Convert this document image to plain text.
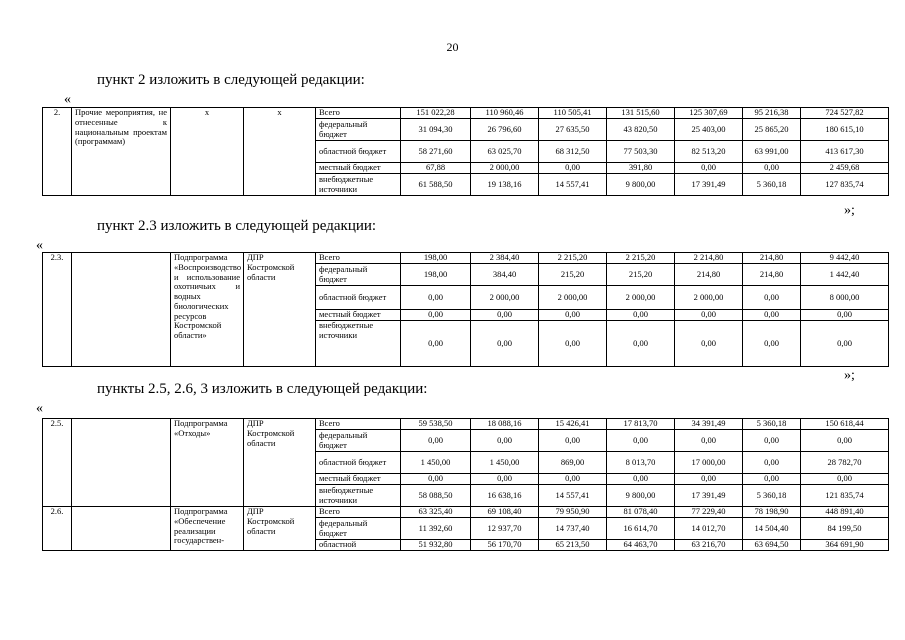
20
пункт 2 изложить в следующей редакции:
«
2.	Прочие мероприятия, не отнесенные к национальным проектам (программам)	х	х	Всего	151 022,28	110 960,46	110 505,41	131 515,60	125 307,69	95 216,38	724 527,82
				федеральный бюджет	31 094,30	26 796,60	27 635,50	43 820,50	25 403,00	25 865,20	180 615,10
				областной бюджет	58 271,60	63 025,70	68 312,50	77 503,30	82 513,20	63 991,00	413 617,30
				местный бюджет	67,88	2 000,00	0,00	391,80	0,00	0,00	2 459,68
				внебюджетные источники	61 588,50	19 138,16	14 557,41	9 800,00	17 391,49	5 360,18	127 835,74
»;
пункт 2.3 изложить в следующей редакции:
«
2.3.		Подпрограмма «Воспроизводство и использование охотничьих и водных биологических ресурсов Костромской области»	ДПР Костромской области	Всего	198,00	2 384,40	2 215,20	2 215,20	2 214,80	214,80	9 442,40
				федеральный бюджет	198,00	384,40	215,20	215,20	214,80	214,80	1 442,40
				областной бюджет	0,00	2 000,00	2 000,00	2 000,00	2 000,00	0,00	8 000,00
				местный бюджет	0,00	0,00	0,00	0,00	0,00	0,00	0,00
				внебюджетные источники	0,00	0,00	0,00	0,00	0,00	0,00	0,00
»;
пункты 2.5, 2.6, 3 изложить в следующей редакции:
«
2.5.		Подпрограмма «Отходы»	ДПР Костромской области	Всего	59 538,50	18 088,16	15 426,41	17 813,70	34 391,49	5 360,18	150 618,44
				федеральный бюджет	0,00	0,00	0,00	0,00	0,00	0,00	0,00
				областной бюджет	1 450,00	1 450,00	869,00	8 013,70	17 000,00	0,00	28 782,70
				местный бюджет	0,00	0,00	0,00	0,00	0,00	0,00	0,00
				внебюджетные источники	58 088,50	16 638,16	14 557,41	9 800,00	17 391,49	5 360,18	121 835,74
2.6.		Подпрограмма «Обеспечение реализации государствен-	ДПР Костромской области	Всего	63 325,40	69 108,40	79 950,90	81 078,40	77 229,40	78 198,90	448 891,40
				федеральный бюджет	11 392,60	12 937,70	14 737,40	16 614,70	14 012,70	14 504,40	84 199,50
				областной	51 932,80	56 170,70	65 213,50	64 463,70	63 216,70	63 694,50	364 691,90
